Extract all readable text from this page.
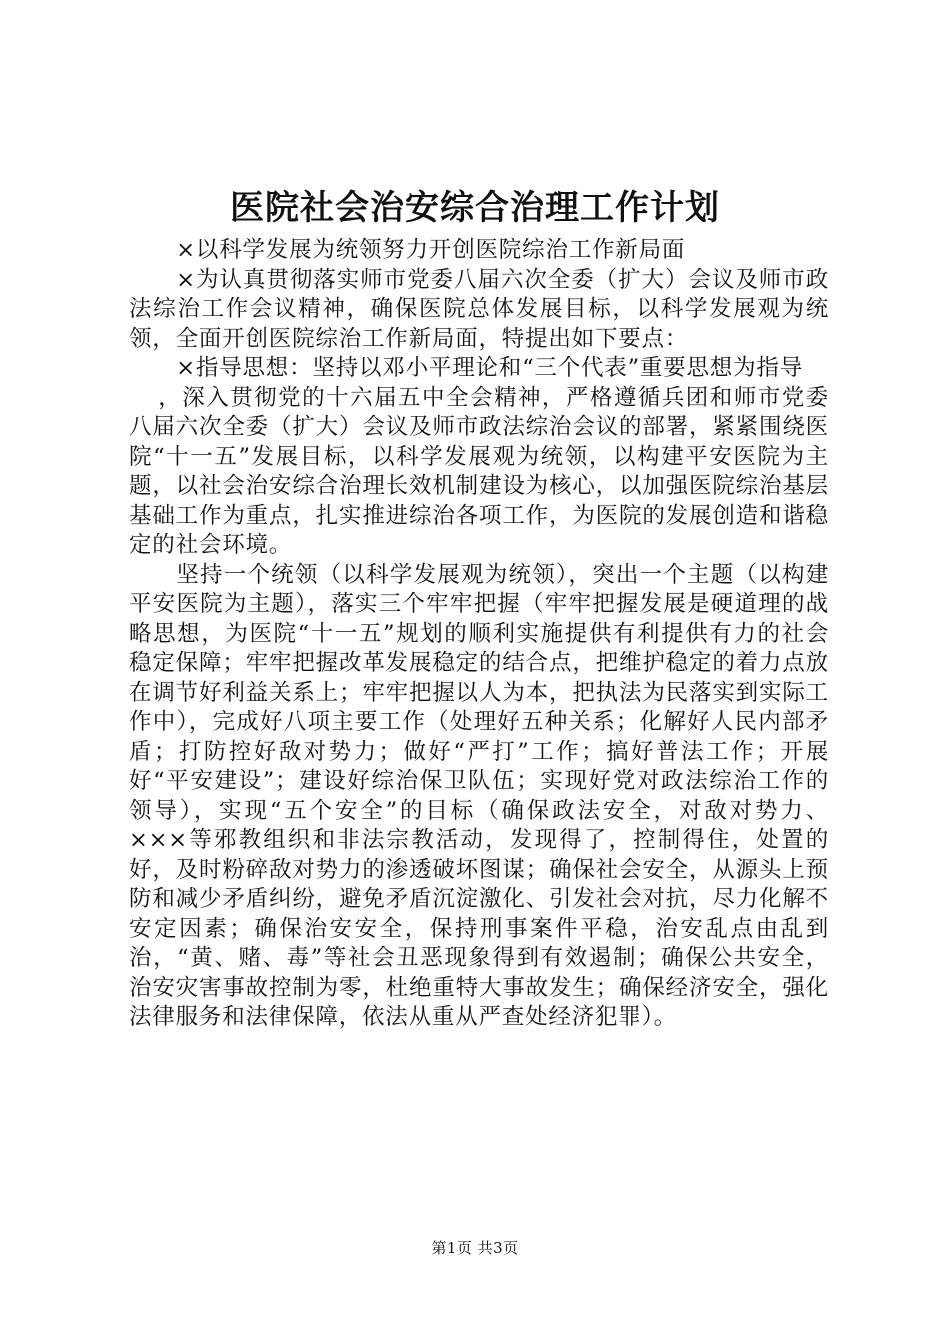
医院社会治安综合治理工作计划

×以科学发展为统领努力开创医院综治工作新局面

×为认真贯彻落实师市党委八届六次全委（扩大）会议及师市政法综治工作会议精神，确保医院总体发展目标，以科学发展观为统领，全面开创医院综治工作新局面，特提出如下要点：

×指导思想：坚持以邓小平理论和“三个代表”重要思想为指导

，深入贯彻党的十六届五中全会精神，严格遵循兵团和师市党委八届六次全委（扩大）会议及师市政法综治会议的部署，紧紧围绕医院“十一五”发展目标，以科学发展观为统领，以构建平安医院为主题，以社会治安综合治理长效机制建设为核心，以加强医院综治基层基础工作为重点，扎实推进综治各项工作，为医院的发展创造和谐稳定的社会环境。

坚持一个统领（以科学发展观为统领），突出一个主题（以构建平安医院为主题），落实三个牢牢把握（牢牢把握发展是硬道理的战略思想，为医院“十一五”规划的顺利实施提供有利提供有力的社会稳定保障；牢牢把握改革发展稳定的结合点，把维护稳定的着力点放在调节好利益关系上；牢牢把握以人为本，把执法为民落实到实际工作中），完成好八项主要工作（处理好五种关系；化解好人民内部矛盾；打防控好敌对势力；做好“严打”工作；搞好普法工作；开展好“平安建设”；建设好综治保卫队伍；实现好党对政法综治工作的领导），实现“五个安全”的目标（确保政法安全，对敌对势力、×××等邪教组织和非法宗教活动，发现得了，控制得住，处置的好，及时粉碎敌对势力的渗透破坏图谋；确保社会安全，从源头上预防和减少矛盾纠纷，避免矛盾沉淀激化、引发社会对抗，尽力化解不安定因素；确保治安安全，保持刑事案件平稳，治安乱点由乱到治，“黄、赌、毒”等社会丑恶现象得到有效遏制；确保公共安全，治安灾害事故控制为零，杜绝重特大事故发生；确保经济安全，强化法律服务和法律保障，依法从重从严查处经济犯罪）。

第1页 共3页
